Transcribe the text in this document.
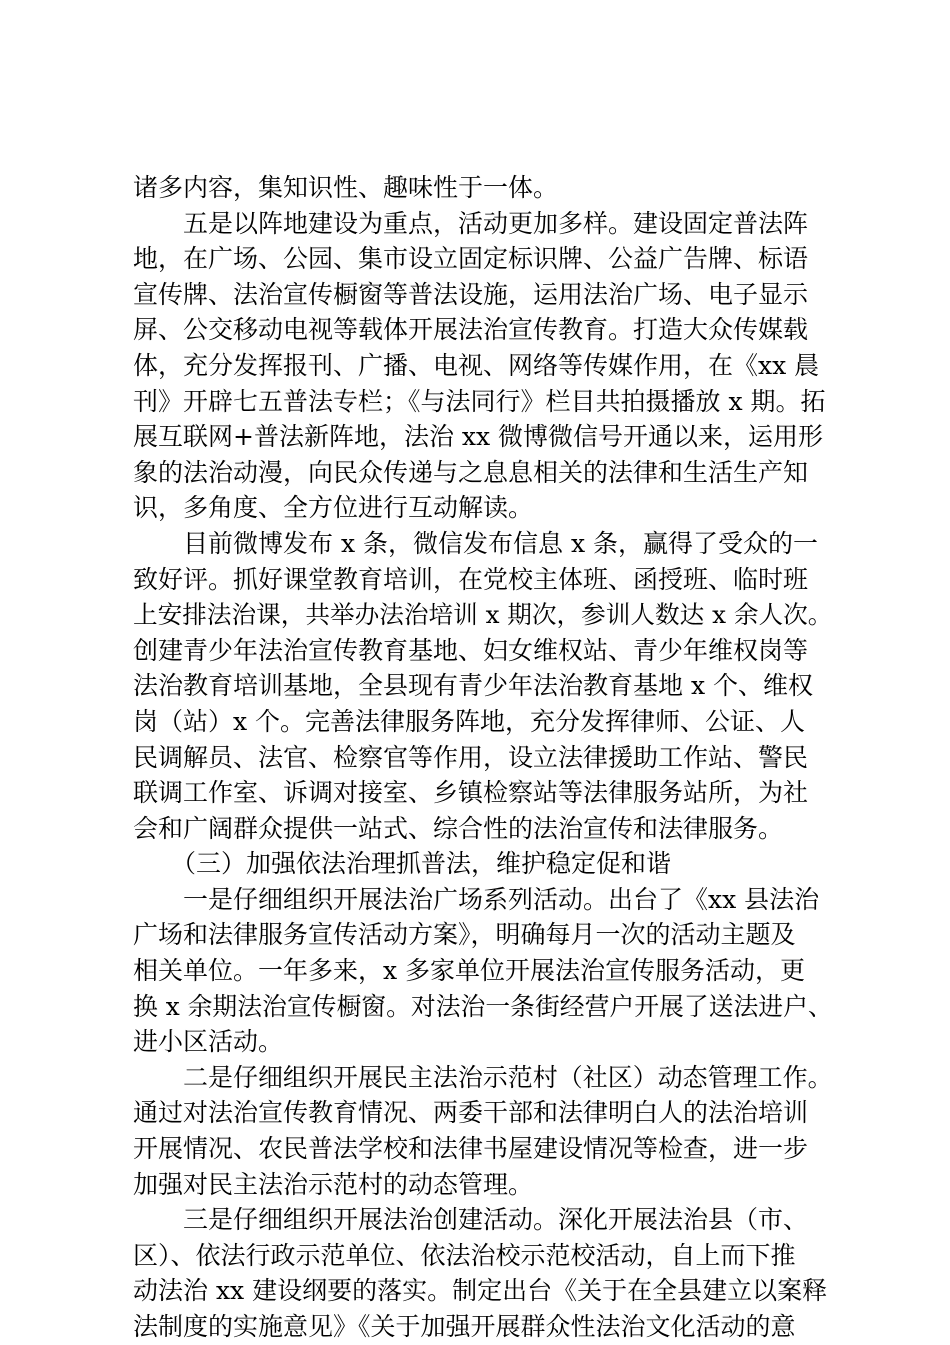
诸多内容，集知识性、趣味性于一体。
五是以阵地建设为重点，活动更加多样。建设固定普法阵
地，在广场、公园、集市设立固定标识牌、公益广告牌、标语
宣传牌、法治宣传橱窗等普法设施，运用法治广场、电子显示
屏、公交移动电视等载体开展法治宣传教育。打造大众传媒载
体，充分发挥报刊、广播、电视、网络等传媒作用，在《xx 晨
刊》开辟七五普法专栏；《与法同行》栏目共拍摄播放 x 期。拓
展互联网+普法新阵地，法治 xx 微博微信号开通以来，运用形
象的法治动漫，向民众传递与之息息相关的法律和生活生产知
识，多角度、全方位进行互动解读。
目前微博发布 x 条，微信发布信息 x 条，赢得了受众的一
致好评。抓好课堂教育培训，在党校主体班、函授班、临时班
上安排法治课，共举办法治培训 x 期次，参训人数达 x 余人次。
创建青少年法治宣传教育基地、妇女维权站、青少年维权岗等
法治教育培训基地，全县现有青少年法治教育基地 x 个、维权
岗（站）x 个。完善法律服务阵地，充分发挥律师、公证、人
民调解员、法官、检察官等作用，设立法律援助工作站、警民
联调工作室、诉调对接室、乡镇检察站等法律服务站所，为社
会和广阔群众提供一站式、综合性的法治宣传和法律服务。
（三）加强依法治理抓普法，维护稳定促和谐
一是仔细组织开展法治广场系列活动。出台了《xx 县法治
广场和法律服务宣传活动方案》，明确每月一次的活动主题及
相关单位。一年多来，x 多家单位开展法治宣传服务活动，更
换 x 余期法治宣传橱窗。对法治一条街经营户开展了送法进户、
进小区活动。
二是仔细组织开展民主法治示范村（社区）动态管理工作。
通过对法治宣传教育情况、两委干部和法律明白人的法治培训
开展情况、农民普法学校和法律书屋建设情况等检查，进一步
加强对民主法治示范村的动态管理。
三是仔细组织开展法治创建活动。深化开展法治县（市、
区）、依法行政示范单位、依法治校示范校活动，自上而下推
动法治 xx 建设纲要的落实。制定出台《关于在全县建立以案释
法制度的实施意见》《关于加强开展群众性法治文化活动的意
